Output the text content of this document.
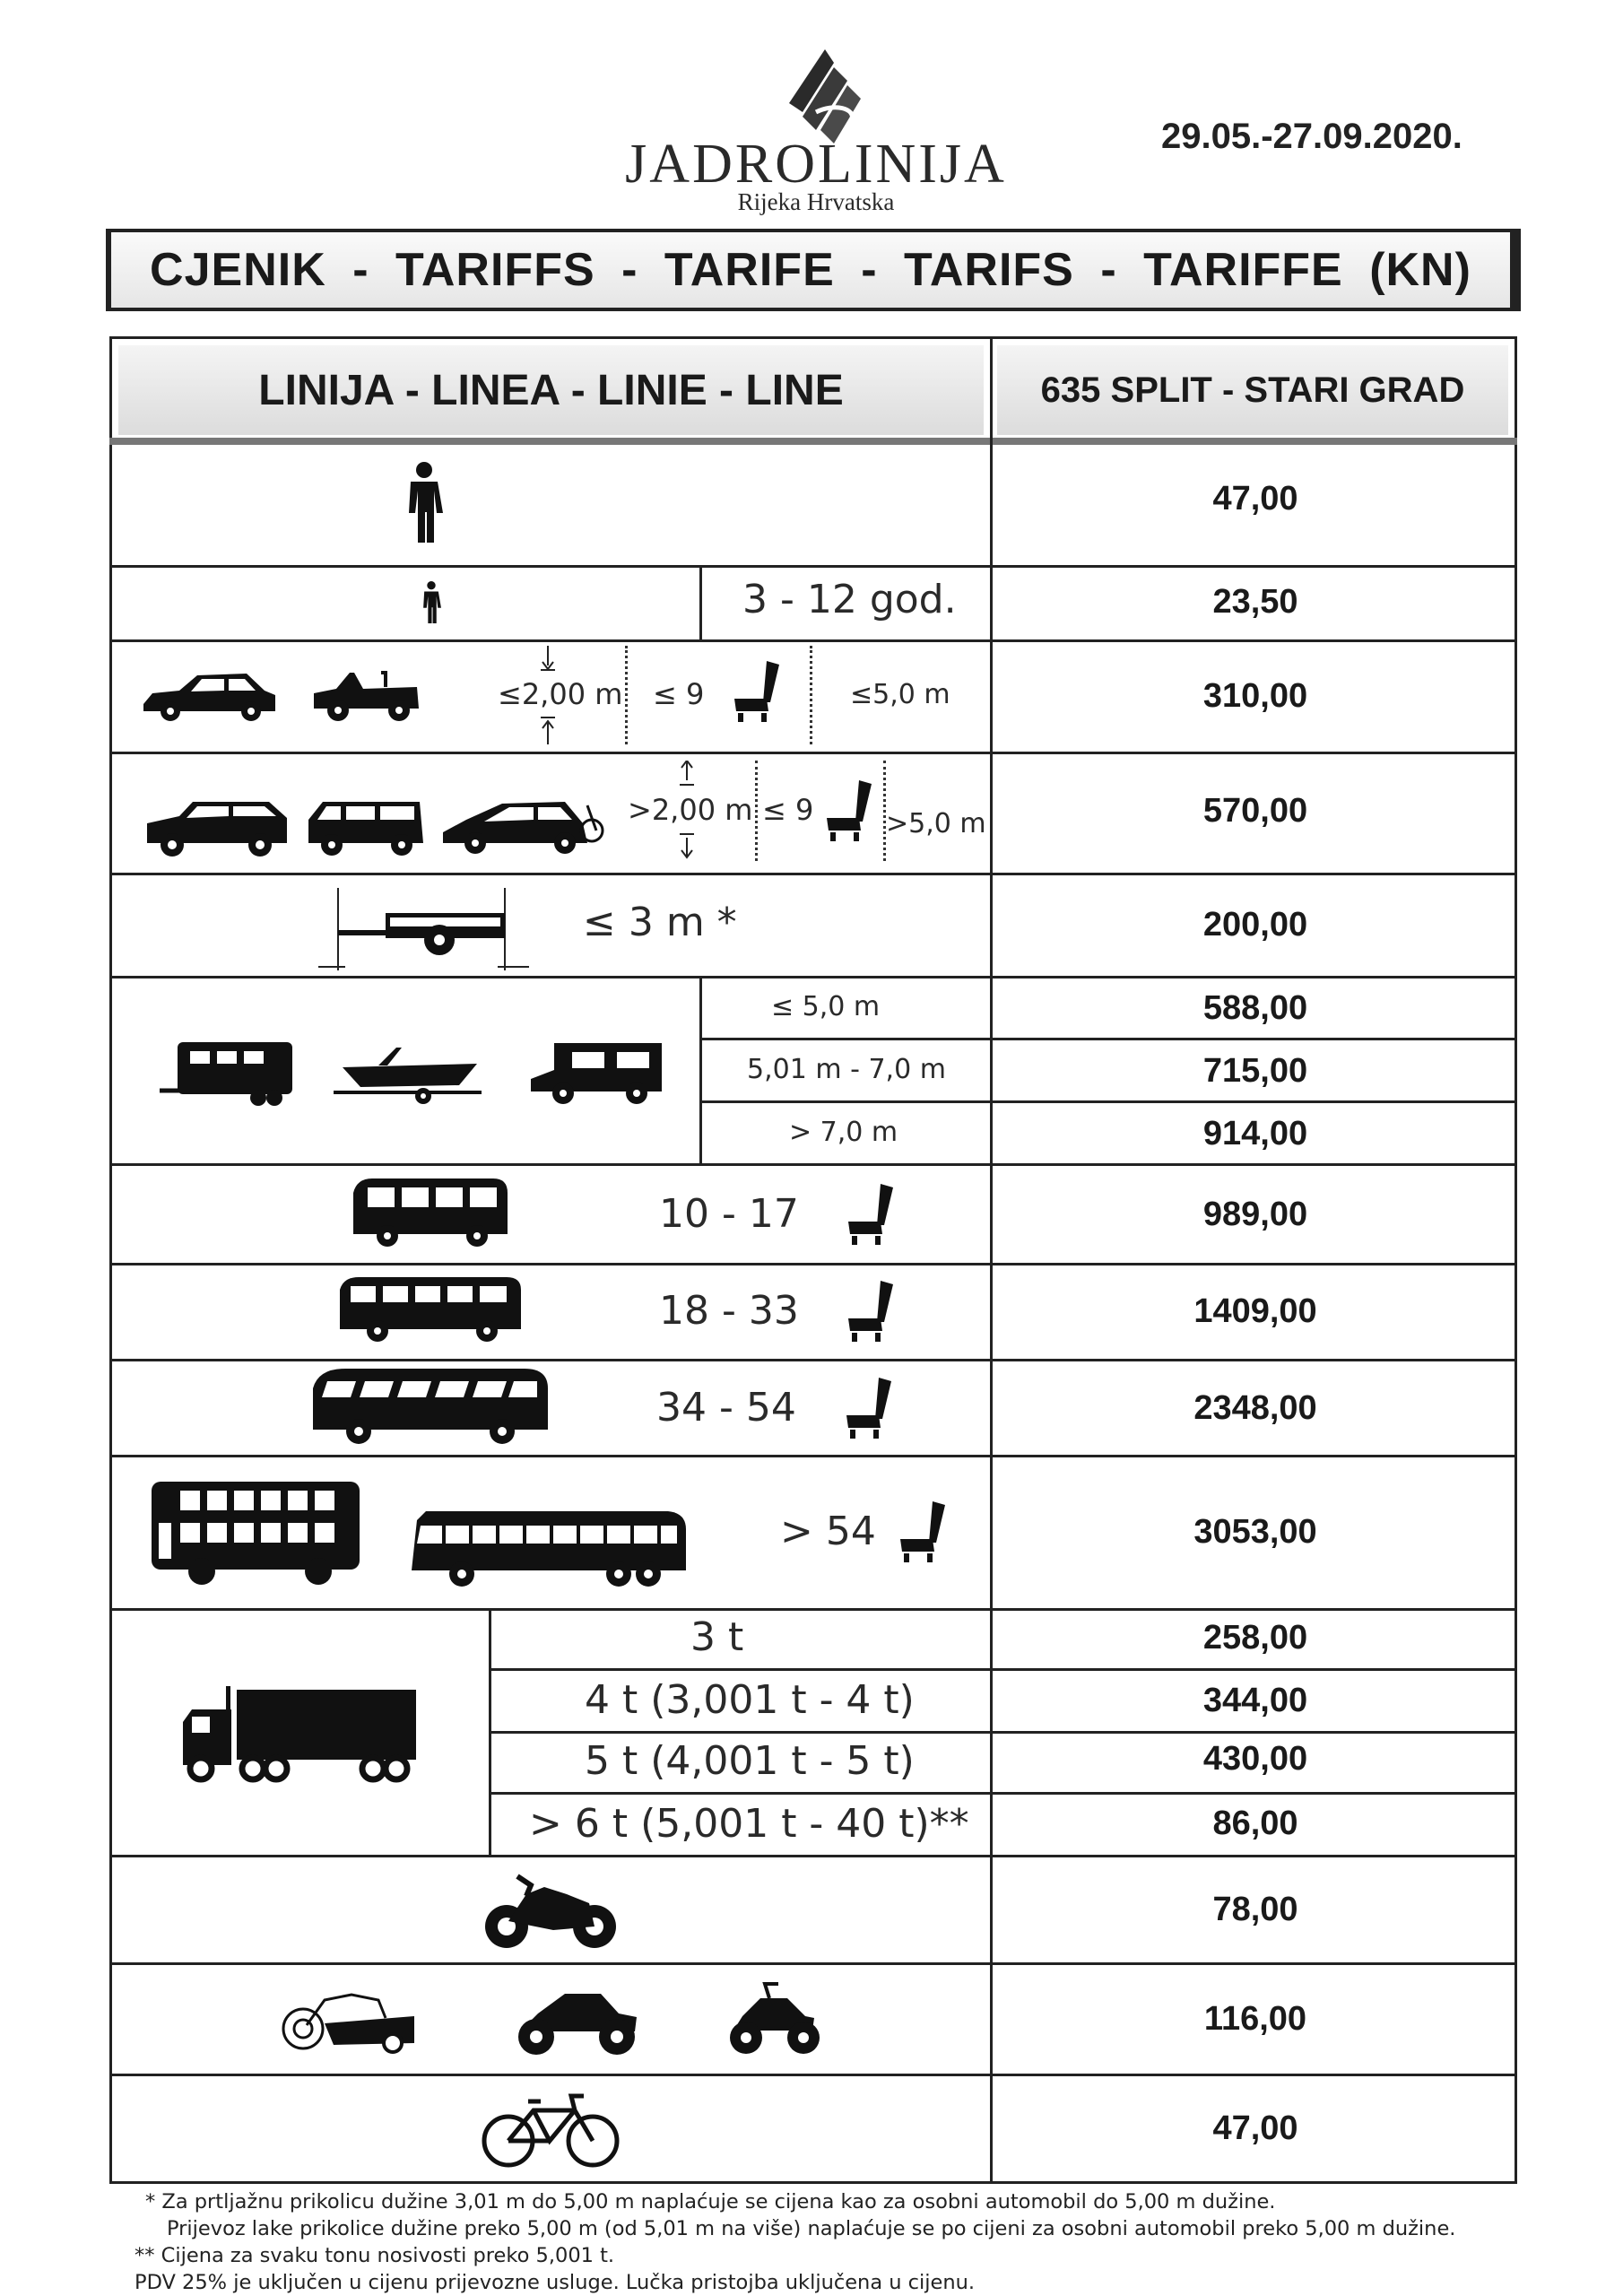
JADROLINIJA
Rijeka Hrvatska
29.05.-27.09.2020.
CJENIK - TARIFFS - TARIFE - TARIFS - TARIFFE (KN)
LINIJA - LINEA - LINIE - LINE	635 SPLIT - STARI GRAD
47,00
3 - 12 god.	23,50
≤2,00 m ≤ 9	≤5,0 m	310,00
>2,00 m ≤ 9	>5,0 m	570,00
≤ 3 m *	200,00
≤ 5,0 m	588,00
5,01 m - 7,0 m	715,00
> 7,0 m	914,00
10 - 17	989,00
18 - 33	1409,00
34 - 54	2348,00
> 54	3053,00
3 t	258,00
4 t (3,001 t - 4 t)	344,00
5 t (4,001 t - 5 t)	430,00
> 6 t (5,001 t - 40 t)**	86,00
78,00
116,00
47,00
* Za prtljažnu prikolicu dužine 3,01 m do 5,00 m naplaćuje se cijena kao za osobni automobil do 5,00 m dužine.
Prijevoz lake prikolice dužine preko 5,00 m (od 5,01 m na više) naplaćuje se po cijeni za osobni automobil preko 5,00 m dužine.
** Cijena za svaku tonu nosivosti preko 5,001 t.
PDV 25% je uključen u cijenu prijevozne usluge. Lučka pristojba uključena u cijenu.
